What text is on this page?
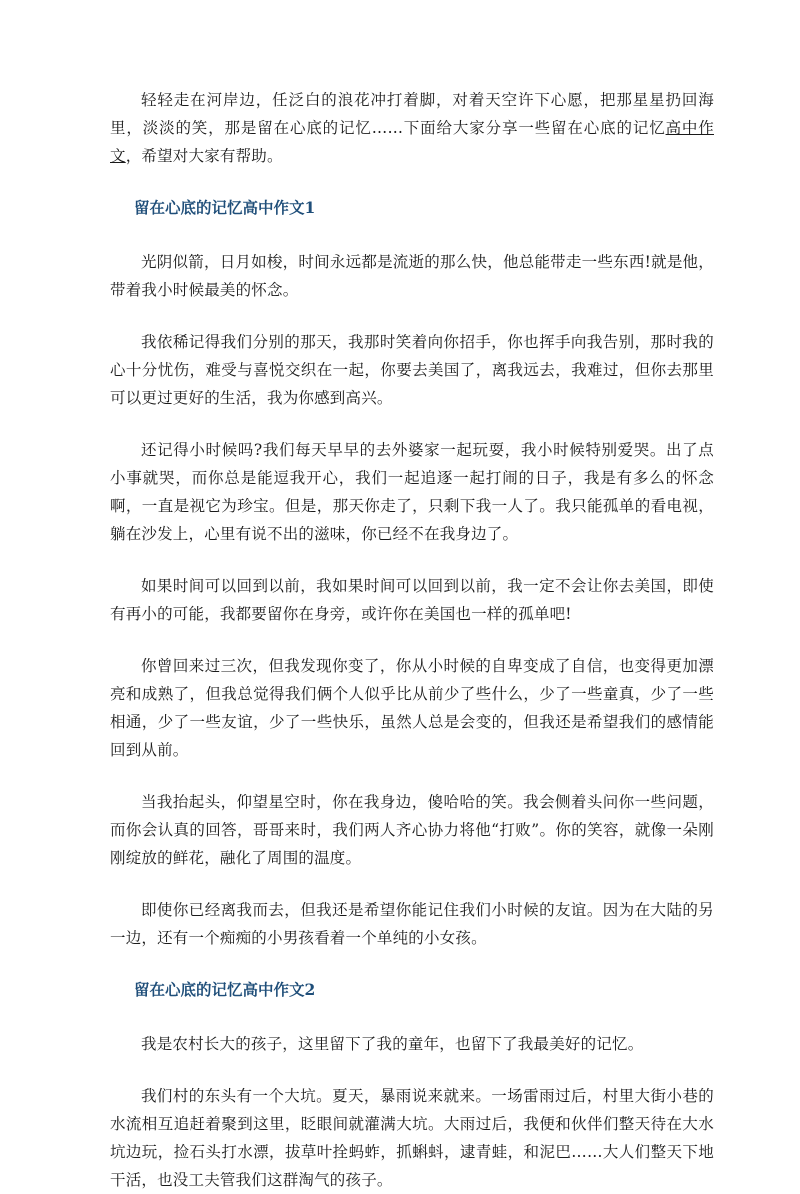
轻轻走在河岸边，任泛白的浪花冲打着脚，对着天空许下心愿，把那星星扔回海里，淡淡的笑，那是留在心底的记忆……下面给大家分享一些留在心底的记忆高中作文，希望对大家有帮助。

留在心底的记忆高中作文1

光阴似箭，日月如梭，时间永远都是流逝的那么快，他总能带走一些东西!就是他，带着我小时候最美的怀念。

我依稀记得我们分别的那天，我那时笑着向你招手，你也挥手向我告别，那时我的心十分忧伤，难受与喜悦交织在一起，你要去美国了，离我远去，我难过，但你去那里可以更过更好的生活，我为你感到高兴。

还记得小时候吗?我们每天早早的去外婆家一起玩耍，我小时候特别爱哭。出了点小事就哭，而你总是能逗我开心，我们一起追逐一起打闹的日子，我是有多么的怀念啊，一直是视它为珍宝。但是，那天你走了，只剩下我一人了。我只能孤单的看电视，躺在沙发上，心里有说不出的滋味，你已经不在我身边了。

如果时间可以回到以前，我如果时间可以回到以前，我一定不会让你去美国，即使有再小的可能，我都要留你在身旁，或许你在美国也一样的孤单吧!

你曾回来过三次，但我发现你变了，你从小时候的自卑变成了自信，也变得更加漂亮和成熟了，但我总觉得我们俩个人似乎比从前少了些什么，少了一些童真，少了一些相通，少了一些友谊，少了一些快乐，虽然人总是会变的，但我还是希望我们的感情能回到从前。

当我抬起头，仰望星空时，你在我身边，傻哈哈的笑。我会侧着头问你一些问题，而你会认真的回答，哥哥来时，我们两人齐心协力将他“打败”。你的笑容，就像一朵刚刚绽放的鲜花，融化了周围的温度。

即使你已经离我而去，但我还是希望你能记住我们小时候的友谊。因为在大陆的另一边，还有一个痴痴的小男孩看着一个单纯的小女孩。

留在心底的记忆高中作文2

我是农村长大的孩子，这里留下了我的童年，也留下了我最美好的记忆。

我们村的东头有一个大坑。夏天，暴雨说来就来。一场雷雨过后，村里大街小巷的水流相互追赶着聚到这里，眨眼间就灌满大坑。大雨过后，我便和伙伴们整天待在大水坑边玩，捡石头打水漂，拔草叶拴蚂蚱，抓蝌蚪，逮青蛙，和泥巴……大人们整天下地干活，也没工夫管我们这群淘气的孩子。
